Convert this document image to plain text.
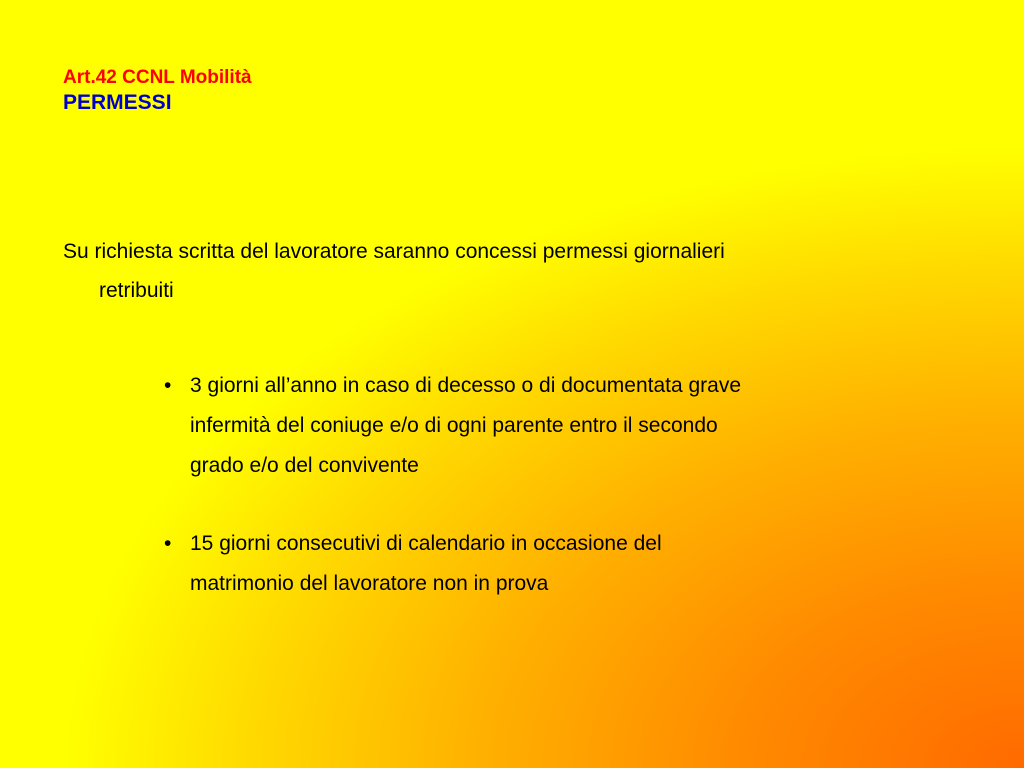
Art.42 CCNL Mobilità
PERMESSI
Su richiesta scritta del lavoratore saranno concessi permessi giornalieri
retribuiti
• 3 giorni all’anno in caso di decesso o di documentata grave
infermità del coniuge e/o di ogni parente entro il secondo
grado e/o del convivente
• 15 giorni consecutivi di calendario in occasione del
matrimonio del lavoratore non in prova
